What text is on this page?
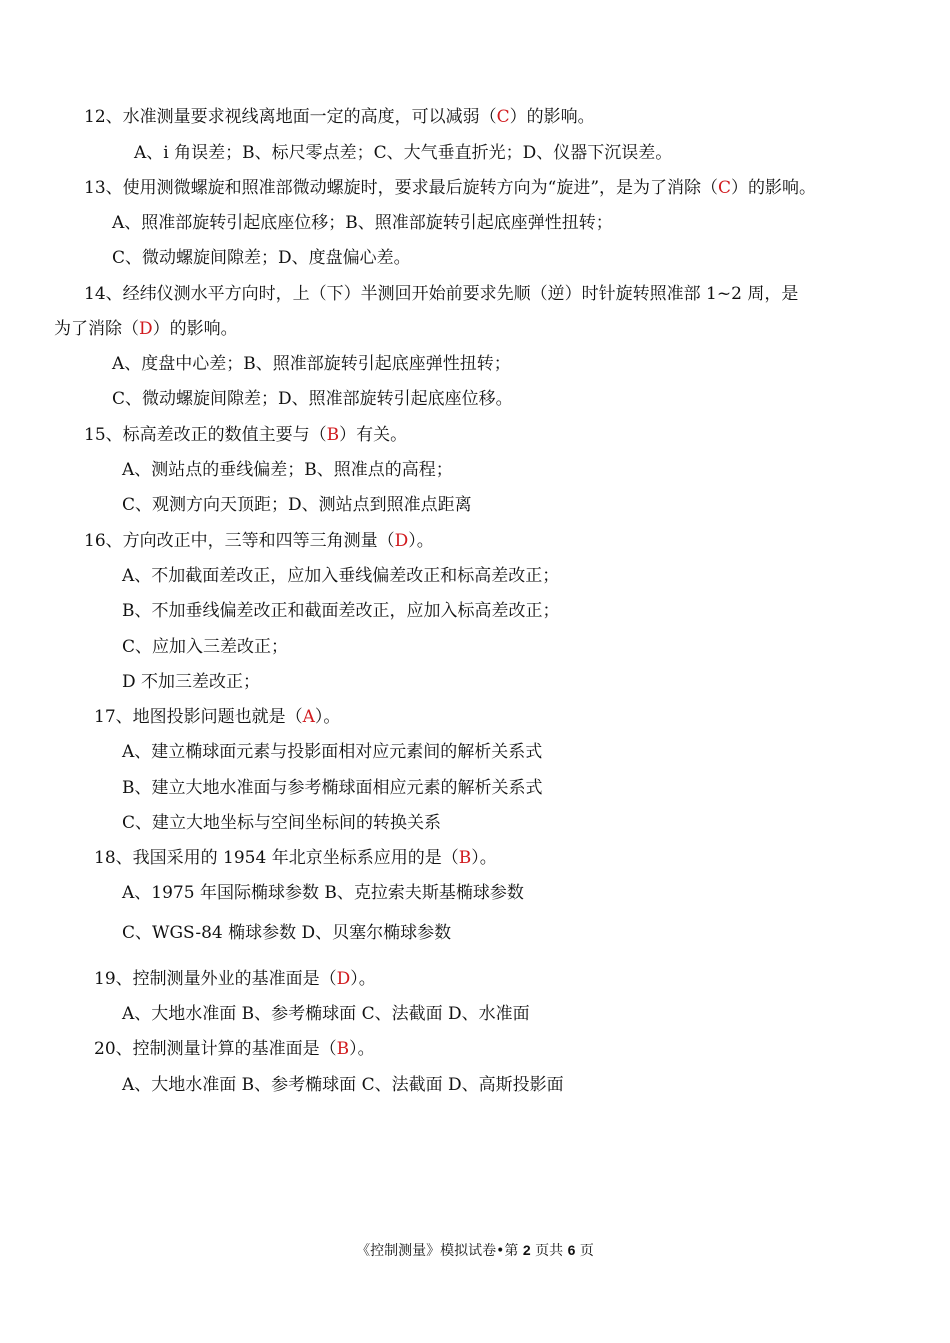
12、水准测量要求视线离地面一定的高度，可以减弱（C）的影响。
A、i 角误差；B、标尺零点差；C、大气垂直折光；D、仪器下沉误差。
13、使用测微螺旋和照准部微动螺旋时，要求最后旋转方向为“旋进”，是为了消除（C）的影响。
A、照准部旋转引起底座位移；B、照准部旋转引起底座弹性扭转；
C、微动螺旋间隙差；D、度盘偏心差。
14、经纬仪测水平方向时，上（下）半测回开始前要求先顺（逆）时针旋转照准部 1~2 周，是
为了消除（D）的影响。
A、度盘中心差；B、照准部旋转引起底座弹性扭转；
C、微动螺旋间隙差；D、照准部旋转引起底座位移。
15、标高差改正的数值主要与（B）有关。
A、测站点的垂线偏差；B、照准点的高程；
C、观测方向天顶距；D、测站点到照准点距离
16、方向改正中，三等和四等三角测量（D）。
A、不加截面差改正，应加入垂线偏差改正和标高差改正；
B、不加垂线偏差改正和截面差改正，应加入标高差改正；
C、应加入三差改正；
D 不加三差改正；
17、地图投影问题也就是（A）。
A、建立椭球面元素与投影面相对应元素间的解析关系式
B、建立大地水准面与参考椭球面相应元素的解析关系式
C、建立大地坐标与空间坐标间的转换关系
18、我国采用的 1954 年北京坐标系应用的是（B）。
A、1975 年国际椭球参数 B、克拉索夫斯基椭球参数
C、WGS-84 椭球参数 D、贝塞尔椭球参数
19、控制测量外业的基准面是（D）。
A、大地水准面 B、参考椭球面 C、法截面 D、水准面
20、控制测量计算的基准面是（B）。
A、大地水准面 B、参考椭球面 C、法截面 D、高斯投影面
《控制测量》模拟试卷•第 2 页共 6 页
